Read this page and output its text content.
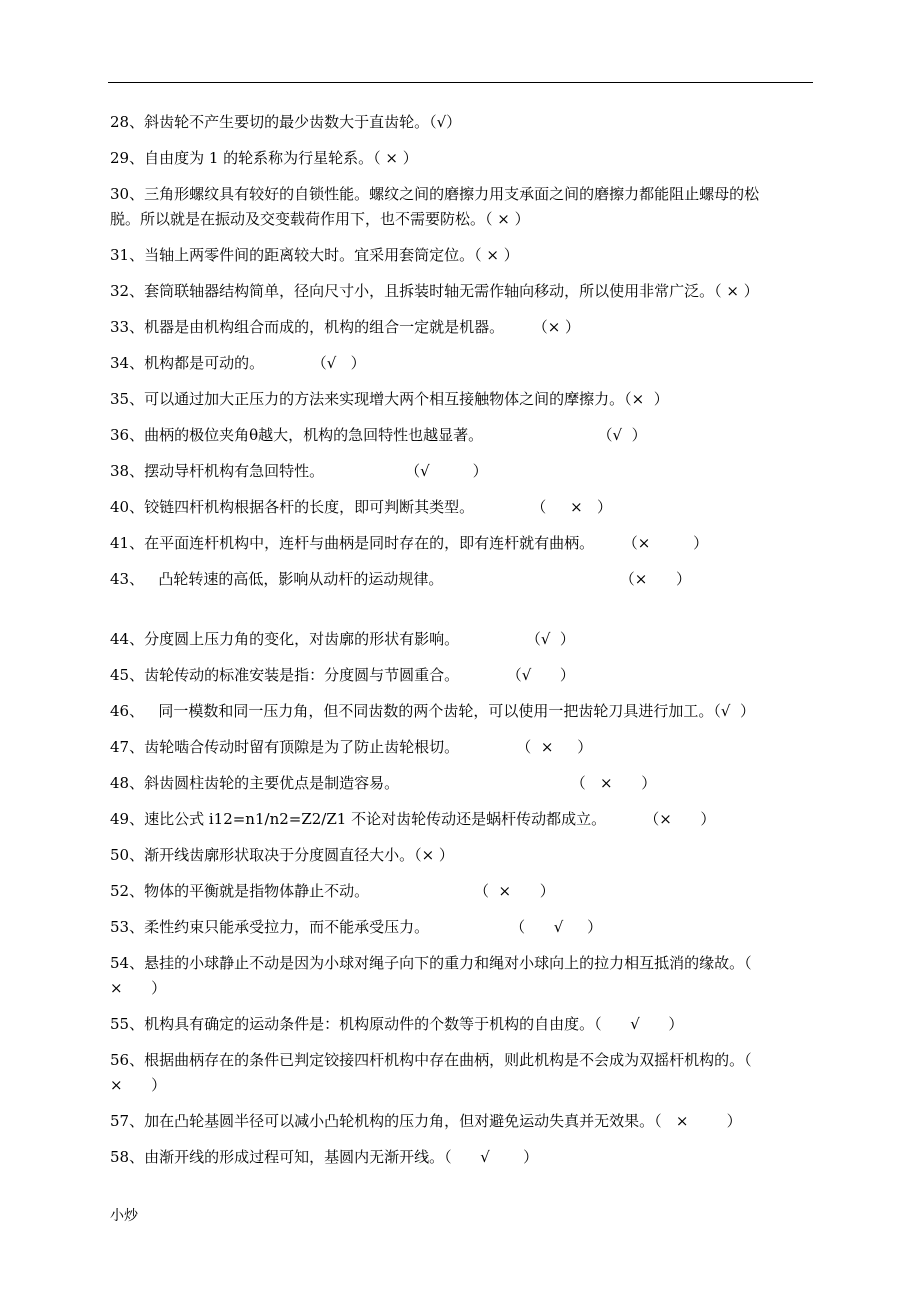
28、斜齿轮不产生要切的最少齿数大于直齿轮。（√）
29、自由度为 1 的轮系称为行星轮系。（ × ）
30、三角形螺纹具有较好的自锁性能。螺纹之间的磨擦力用支承面之间的磨擦力都能阻止螺母的松
脱。所以就是在振动及交变载荷作用下，也不需要防松。（ × ）
31、当轴上两零件间的距离较大时。宜采用套筒定位。（ × ）
32、套筒联轴器结构简单，径向尺寸小，且拆装时轴无需作轴向移动，所以使用非常广泛。（ × ）
33、机器是由机构组合而成的，机构的组合一定就是机器。      （× ）
34、机构都是可动的。          （√   ）
35、可以通过加大正压力的方法来实现增大两个相互接触物体之间的摩擦力。（×  ）
36、曲柄的极位夹角θ越大，机构的急回特性也越显著。                        （√  ）
38、摆动导杆机构有急回特性。                 （√         ）
40、铰链四杆机构根据各杆的长度，即可判断其类型。            （     ×   ）
41、在平面连杆机构中，连杆与曲柄是同时存在的，即有连杆就有曲柄。      （×         ）
43、   凸轮转速的高低，影响从动杆的运动规律。                                     （×      ）
44、分度圆上压力角的变化，对齿廓的形状有影响。              （√  ）
45、齿轮传动的标准安装是指：分度圆与节圆重合。          （√      ）
46、   同一模数和同一压力角，但不同齿数的两个齿轮，可以使用一把齿轮刀具进行加工。（√  ）
47、齿轮啮合传动时留有顶隙是为了防止齿轮根切。            （  ×     ）
48、斜齿圆柱齿轮的主要优点是制造容易。                                    （   ×      ）
49、速比公式 i12=n1/n2=Z2/Z1 不论对齿轮传动还是蜗杆传动都成立。        （×      ）
50、渐开线齿廓形状取决于分度圆直径大小。（× ）
52、物体的平衡就是指物体静止不动。                      （  ×      ）
53、柔性约束只能承受拉力，而不能承受压力。                 （      √     ）
54、悬挂的小球静止不动是因为小球对绳子向下的重力和绳对小球向上的拉力相互抵消的缘故。（
×      ）
55、机构具有确定的运动条件是：机构原动件的个数等于机构的自由度。（      √      ）
56、根据曲柄存在的条件已判定铰接四杆机构中存在曲柄，则此机构是不会成为双摇杆机构的。（
×      ）
57、加在凸轮基圆半径可以减小凸轮机构的压力角，但对避免运动失真并无效果。（   ×        ）
58、由渐开线的形成过程可知，基圆内无渐开线。（      √       ）
小炒
